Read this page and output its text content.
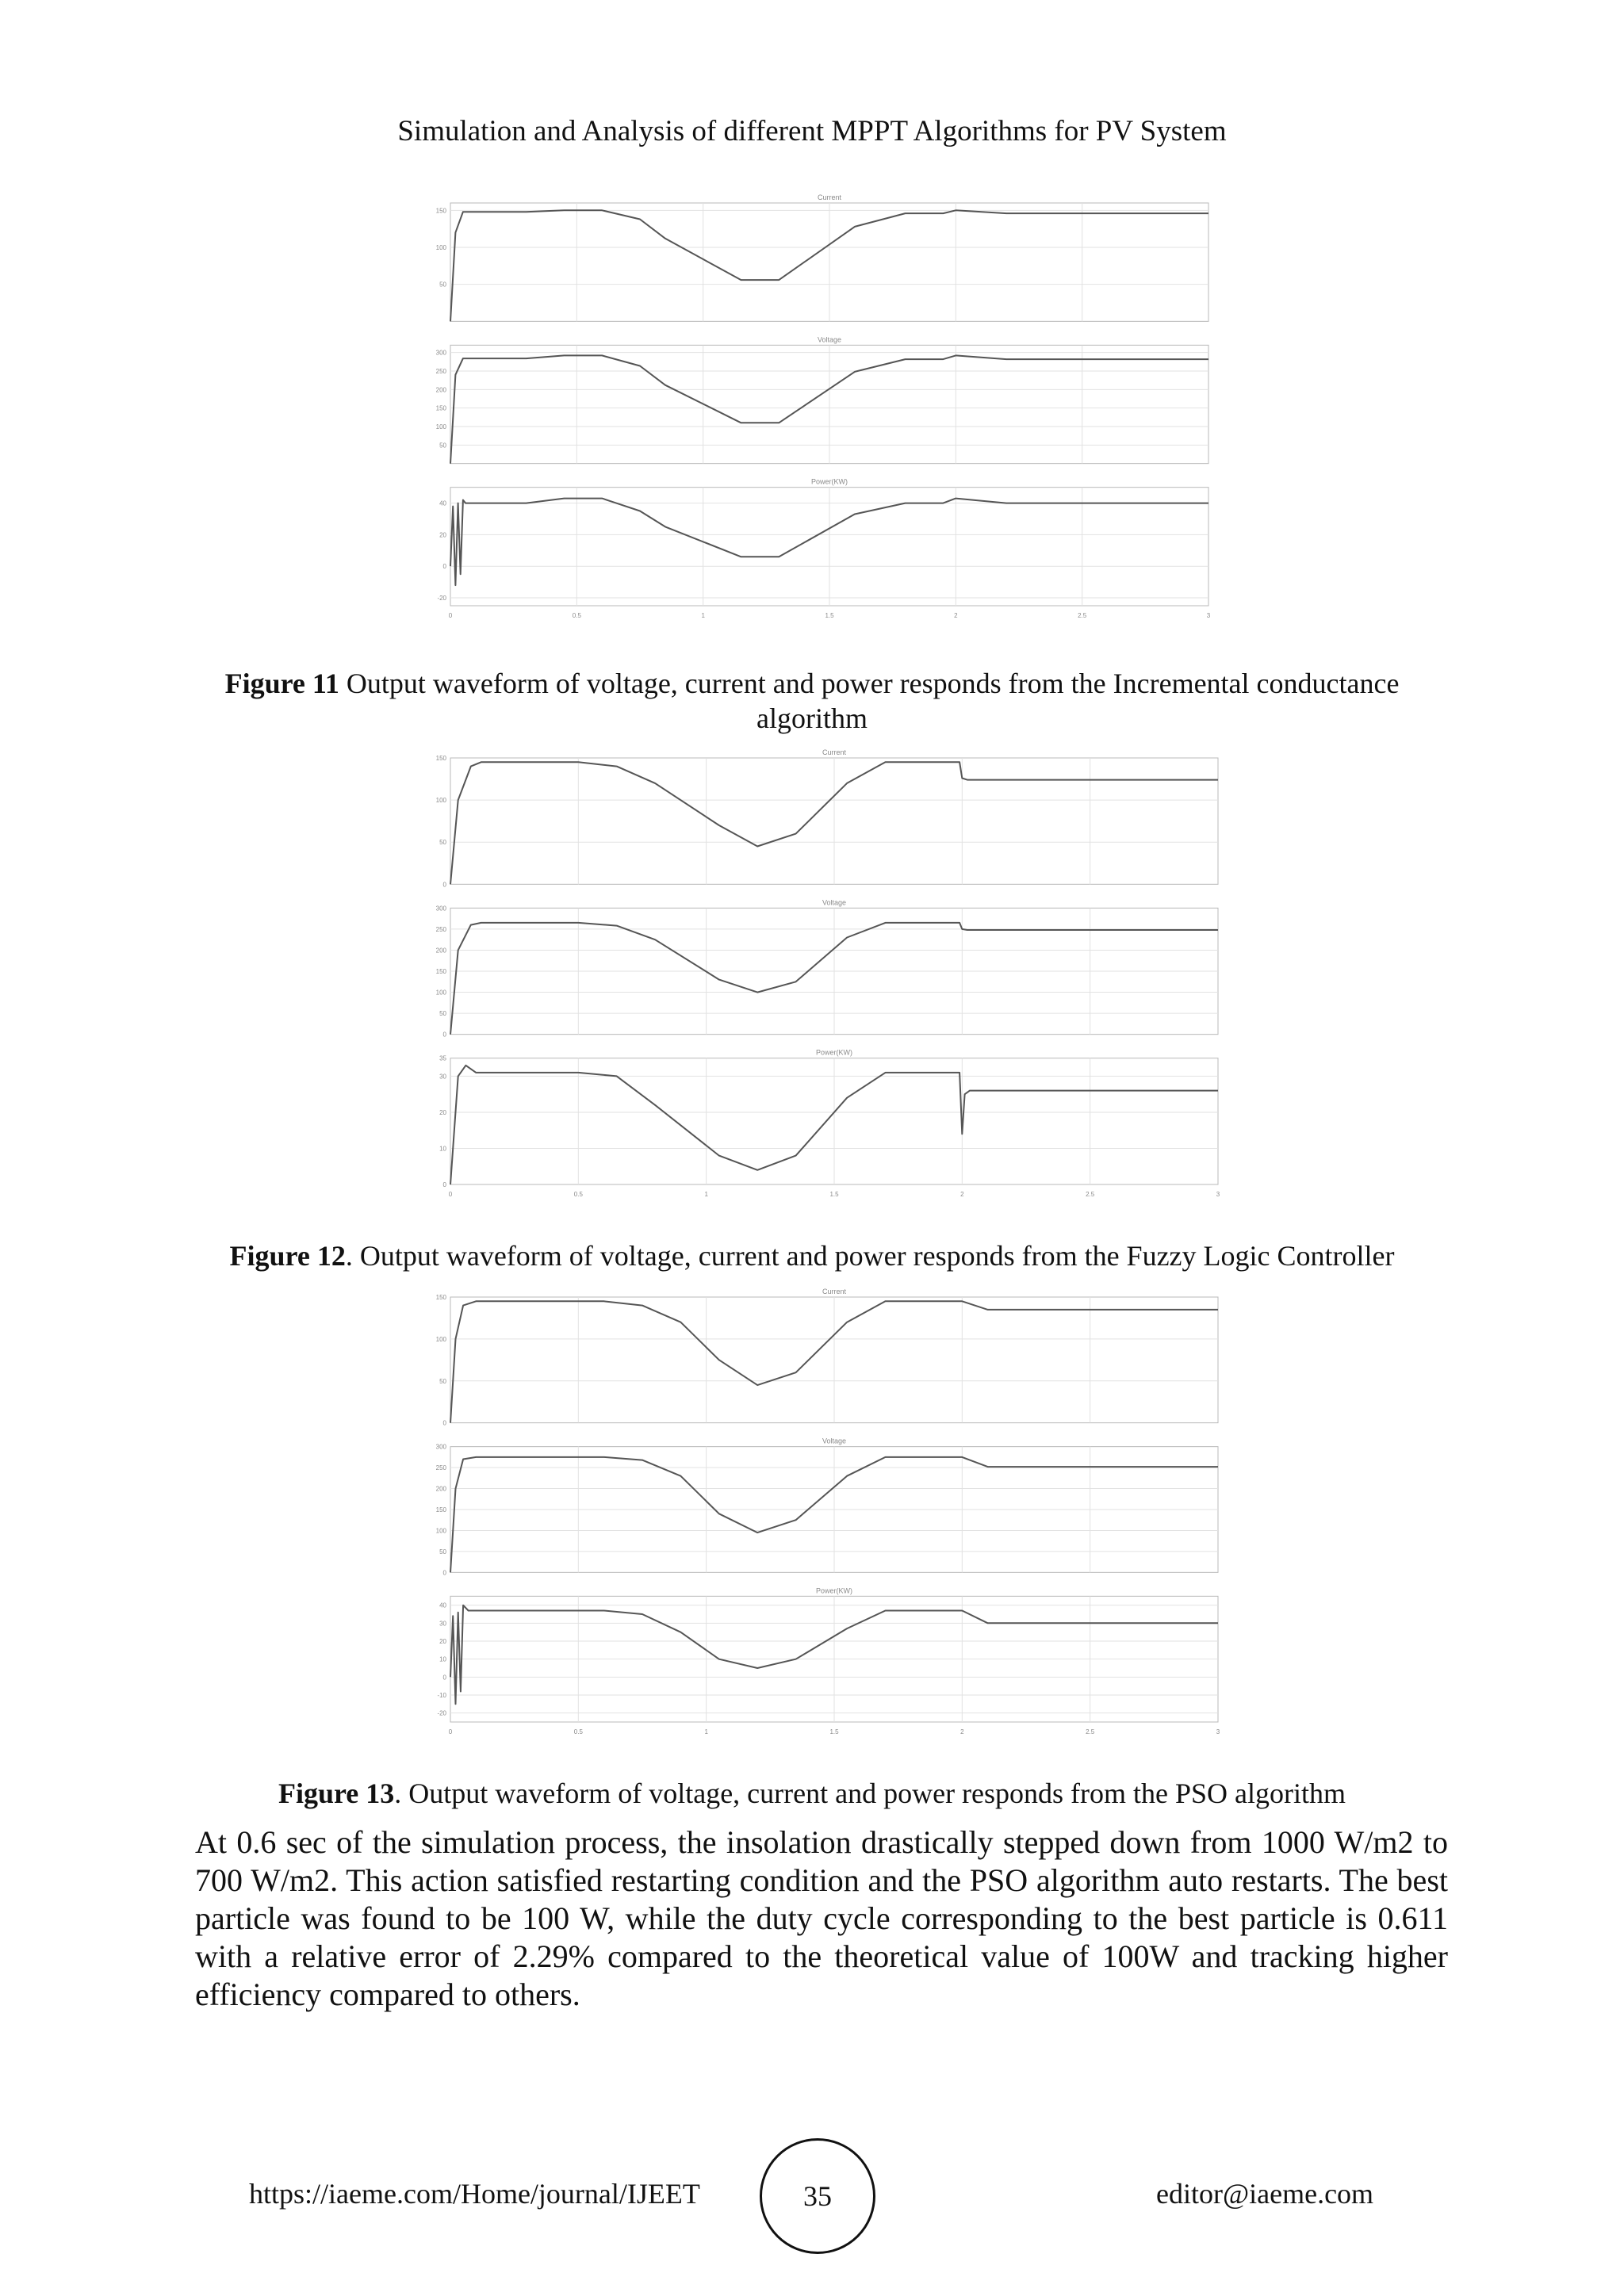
Simulation and Analysis of different MPPT Algorithms for PV System
Current
150
100
50
Voltage
300
250
200
150
100
50
Power(KW)
40
20
0
-20
0	0.5	1	1.5	2	2.5	3
Figure 11 Output waveform of voltage, current and power responds from the Incremental conductance algorithm
Current
150
100
50
0
Voltage
300
250
200
150
100
50
0
Power(KW)
35
30
20
10
0
0	0.5	1	1.5	2	2.5	3
Figure 12. Output waveform of voltage, current and power responds from the Fuzzy Logic Controller
Current
150
100
50
0
Voltage
300
250
200
150
100
50
0
Power(KW)
40
30
20
10
0
-10
-20
0	0.5	1	1.5	2	2.5	3
Figure 13. Output waveform of voltage, current and power responds from the PSO algorithm
At 0.6 sec of the simulation process, the insolation drastically stepped down from 1000 W/m2 to 700 W/m2. This action satisfied restarting condition and the PSO algorithm auto restarts. The best particle was found to be 100 W, while the duty cycle corresponding to the best particle is 0.611 with a relative error of 2.29% compared to the theoretical value of 100W and tracking higher efficiency compared to others.
https://iaeme.com/Home/journal/IJEET	35	editor@iaeme.com
